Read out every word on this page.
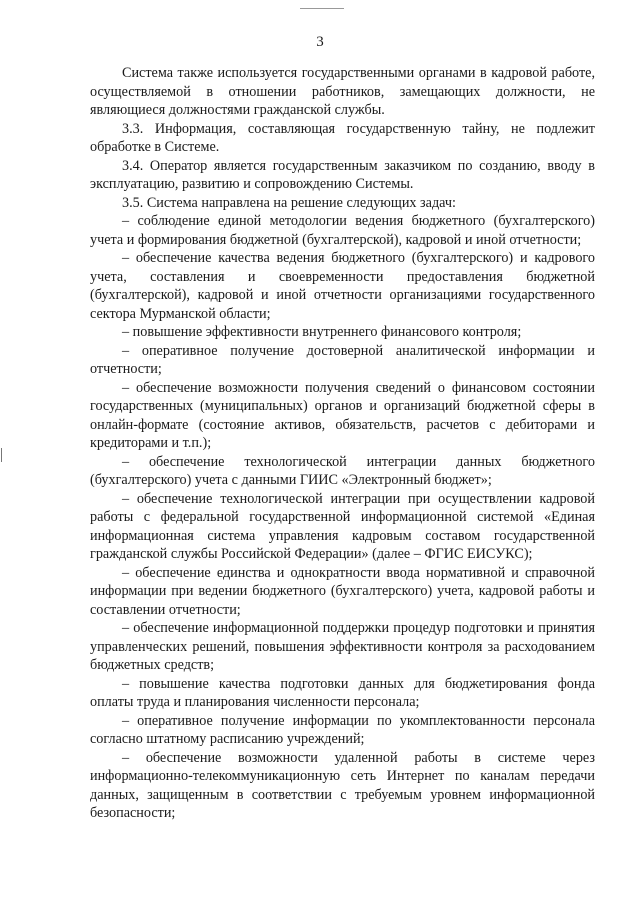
3

Система также используется государственными органами в кадровой работе, осуществляемой в отношении работников, замещающих должности, не являющиеся должностями гражданской службы.

3.3. Информация, составляющая государственную тайну, не подлежит обработке в Системе.

3.4. Оператор является государственным заказчиком по созданию, вводу в эксплуатацию, развитию и сопровождению Системы.

3.5. Система направлена на решение следующих задач:

– соблюдение единой методологии ведения бюджетного (бухгалтерского) учета и формирования бюджетной (бухгалтерской), кадровой и иной отчетности;

– обеспечение качества ведения бюджетного (бухгалтерского) и кадрового учета, составления и своевременности предоставления бюджетной (бухгалтерской), кадровой и иной отчетности организациями государственного сектора Мурманской области;

– повышение эффективности внутреннего финансового контроля;

– оперативное получение достоверной аналитической информации и отчетности;

– обеспечение возможности получения сведений о финансовом состоянии государственных (муниципальных) органов и организаций бюджетной сферы в онлайн-формате (состояние активов, обязательств, расчетов с дебиторами и кредиторами и т.п.);

– обеспечение технологической интеграции данных бюджетного (бухгалтерского) учета с данными ГИИС «Электронный бюджет»;

– обеспечение технологической интеграции при осуществлении кадровой работы с федеральной государственной информационной системой «Единая информационная система управления кадровым составом государственной гражданской службы Российской Федерации» (далее – ФГИС ЕИСУКС);

– обеспечение единства и однократности ввода нормативной и справочной информации при ведении бюджетного (бухгалтерского) учета, кадровой работы и составлении отчетности;

– обеспечение информационной поддержки процедур подготовки и принятия управленческих решений, повышения эффективности контроля за расходованием бюджетных средств;

– повышение качества подготовки данных для бюджетирования фонда оплаты труда и планирования численности персонала;

– оперативное получение информации по укомплектованности персонала согласно штатному расписанию учреждений;

– обеспечение возможности удаленной работы в системе через информационно-телекоммуникационную сеть Интернет по каналам передачи данных, защищенным в соответствии с требуемым уровнем информационной безопасности;
